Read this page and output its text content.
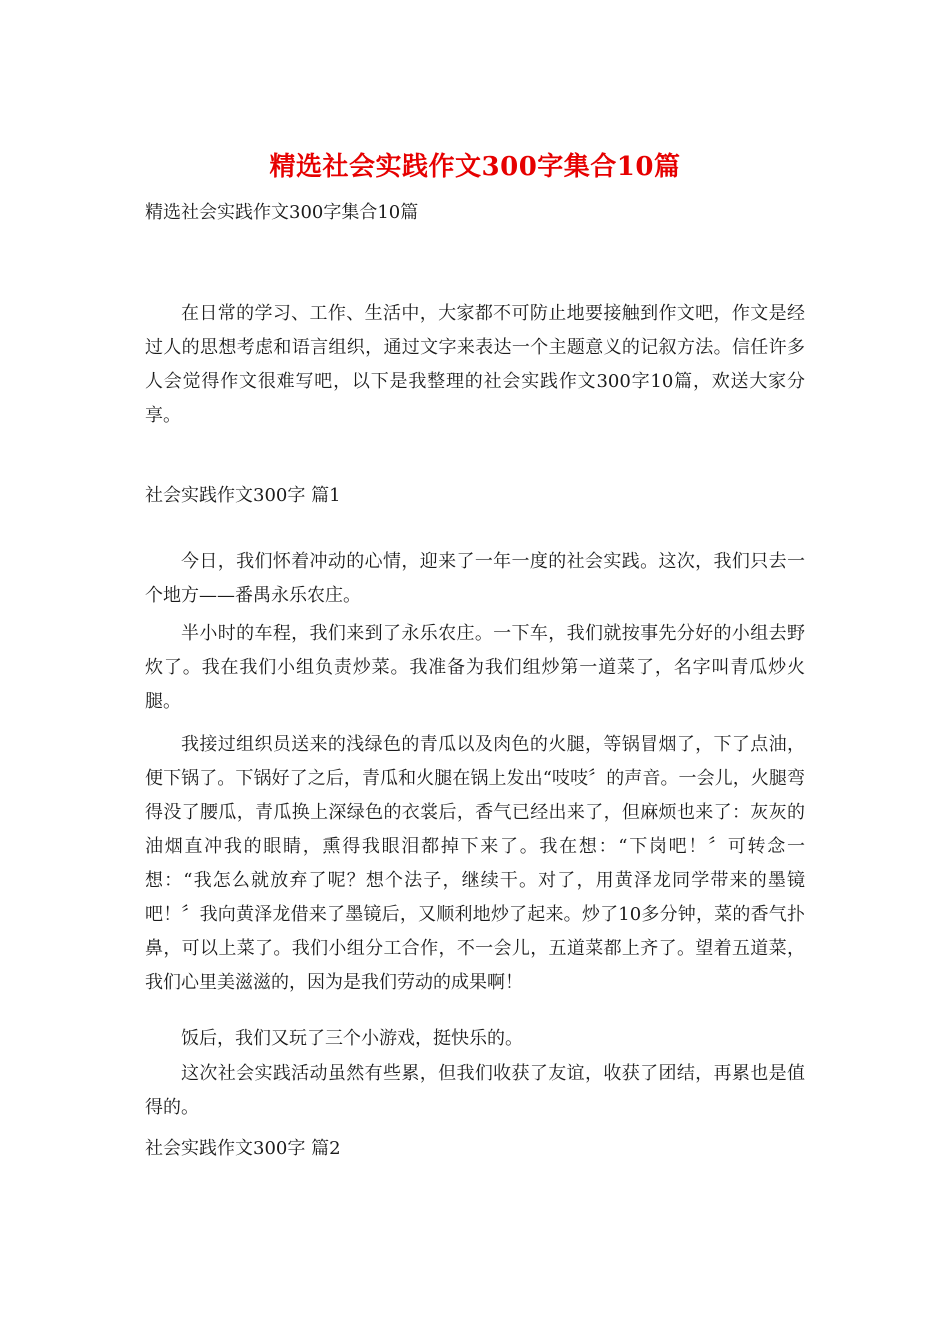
精选社会实践作文300字集合10篇
精选社会实践作文300字集合10篇

在日常的学习、工作、生活中，大家都不可防止地要接触到作文吧，作文是经过人的思想考虑和语言组织，通过文字来表达一个主题意义的记叙方法。信任许多人会觉得作文很难写吧，以下是我整理的社会实践作文300字10篇，欢送大家分享。

社会实践作文300字 篇1

今日，我们怀着冲动的心情，迎来了一年一度的社会实践。这次，我们只去一个地方——番禺永乐农庄。

半小时的车程，我们来到了永乐农庄。一下车，我们就按事先分好的小组去野炊了。我在我们小组负责炒菜。我准备为我们组炒第一道菜了，名字叫青瓜炒火腿。

我接过组织员送来的浅绿色的青瓜以及肉色的火腿，等锅冒烟了，下了点油，便下锅了。下锅好了之后，青瓜和火腿在锅上发出“吱吱〞的声音。一会儿，火腿弯得没了腰瓜，青瓜换上深绿色的衣裳后，香气已经出来了，但麻烦也来了：灰灰的油烟直冲我的眼睛，熏得我眼泪都掉下来了。我在想：“下岗吧！〞可转念一想：“我怎么就放弃了呢？想个法子，继续干。对了，用黄泽龙同学带来的墨镜吧！〞我向黄泽龙借来了墨镜后，又顺利地炒了起来。炒了10多分钟，菜的香气扑鼻，可以上菜了。我们小组分工合作，不一会儿，五道菜都上齐了。望着五道菜，我们心里美滋滋的，因为是我们劳动的成果啊！

饭后，我们又玩了三个小游戏，挺快乐的。

这次社会实践活动虽然有些累，但我们收获了友谊，收获了团结，再累也是值得的。

社会实践作文300字 篇2
